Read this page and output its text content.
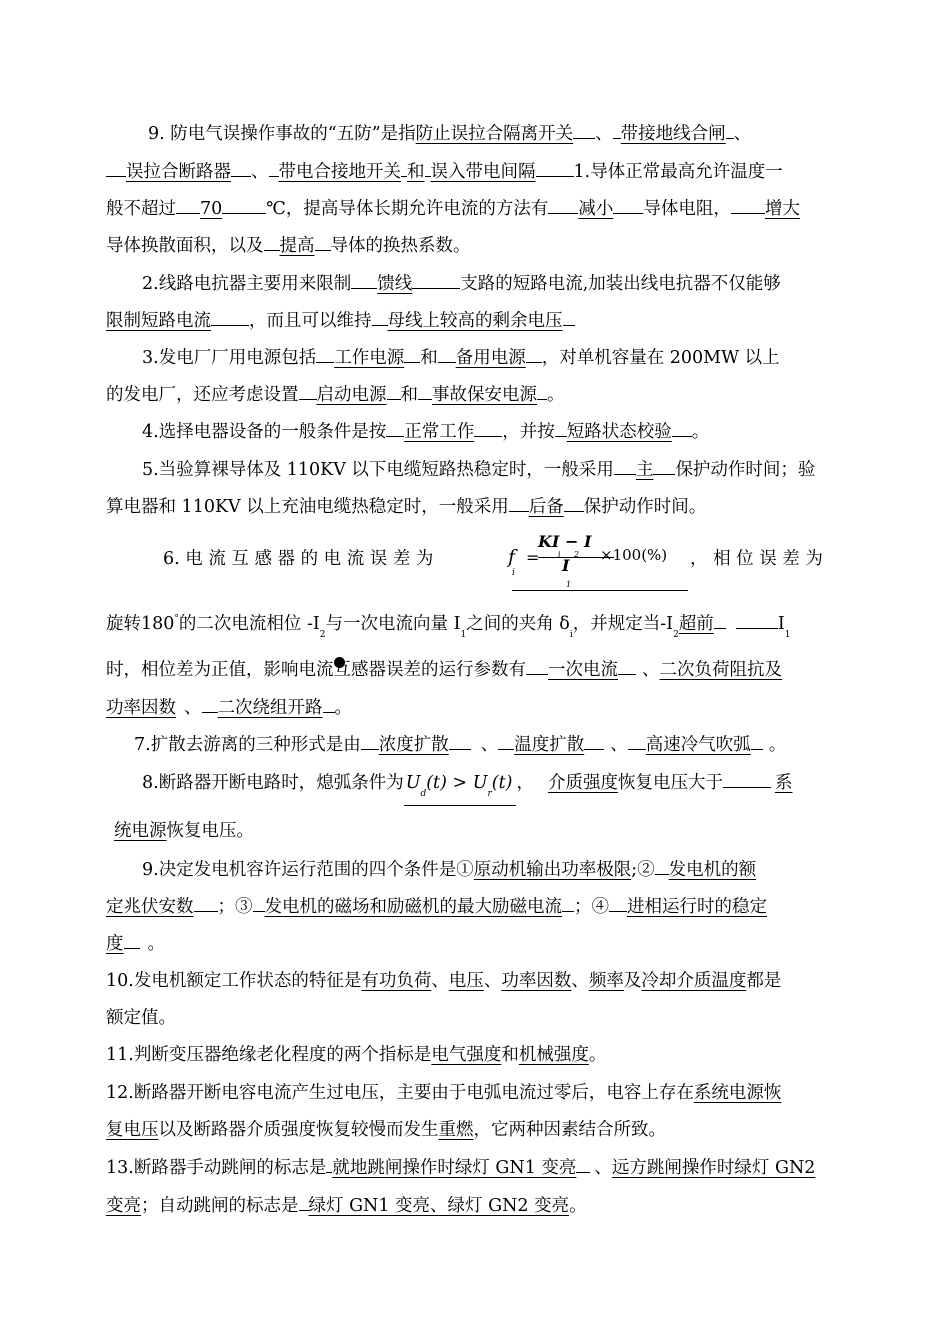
9. 防电气误操作事故的“五防”是指防止误拉合隔离开关 、 带接地线合闸 、
误拉合断路器 、 带电合接地开关 和 误入带电间隔 1.导体正常最高允许温度一
般不超过 70	℃，提高导体长期允许电流的方法有 减小 导体电阻， 增大
导体换散面积，以及 提高 导体的换热系数。
2.线路电抗器主要用来限制 馈线	支路的短路电流,加装出线电抗器不仅能够
限制短路电流 ，而且可以维持 母线上较高的剩余电压
3.发电厂厂用电源包括 工作电源 和 备用电源 ，对单机容量在 200MW 以上
的发电厂，还应考虑设置 启动电源 和 事故保安电源 。
4.选择电器设备的一般条件是按 正常工作 ，并按 短路状态校验 。
5.当验算裸导体及 110KV 以下电缆短路热稳定时，一般采用 主 保护动作时间；验
算电器和 110KV 以上充油电缆热稳定时，一般采用 后备 保护动作时间。
6. 电 流 互 感 器 的 电 流 误 差 为	f
i
=
KI − I
I
×100(%)
i 2
1
， 相 位 误 差 为
旋转180°的二次电流相位 $-I_2$与一次电流向量 $I_1$之间的夹角 $\delta_i$，并规定当$-I_2$超前	$I_1$
时，相位差为正值，影响电流互感器误差的运行参数有 一次电流 、二次负荷阻抗及
功率因数 、 二次绕组开路 。
7.扩散去游离的三种形式是由 浓度扩散 、 温度扩散 、 高速冷气吹弧 。
8.断路器开断电路时，熄弧条件为 $U_d(t) > U_r(t)$ ， 介质强度恢复电压大于	系
统电源恢复电压。
9.决定发电机容许运行范围的四个条件是①原动机输出功率极限;② 发电机的额
定兆伏安数 ；③ 发电机的磁场和励磁机的最大励磁电流 ；④ 进相运行时的稳定
度 。
10.发电机额定工作状态的特征是有功负荷、电压、功率因数、频率及冷却介质温度都是
额定值。
11.判断变压器绝缘老化程度的两个指标是电气强度和机械强度。
12.断路器开断电容电流产生过电压，主要由于电弧电流过零后，电容上存在系统电源恢
复电压以及断路器介质强度恢复较慢而发生重燃，它两种因素结合所致。
13.断路器手动跳闸的标志是 就地跳闸操作时绿灯 GN1 变亮 、远方跳闸操作时绿灯 GN2
变亮；自动跳闸的标志是 绿灯 GN1 变亮、绿灯 GN2 变亮。
